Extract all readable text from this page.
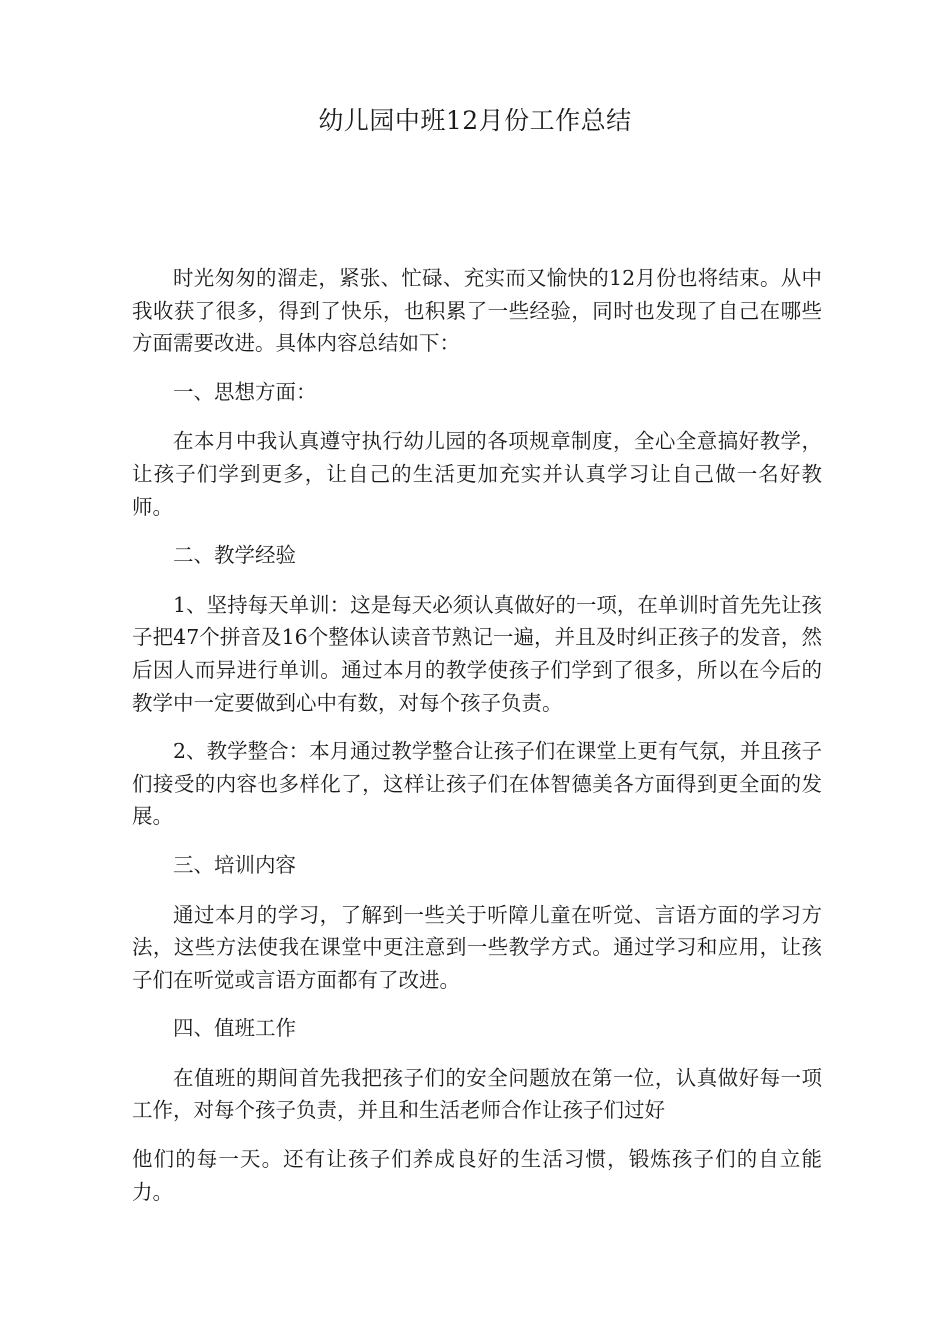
幼儿园中班12月份工作总结

时光匆匆的溜走，紧张、忙碌、充实而又愉快的12月份也将结束。从中我收获了很多，得到了快乐，也积累了一些经验，同时也发现了自己在哪些方面需要改进。具体内容总结如下：

一、思想方面：

在本月中我认真遵守执行幼儿园的各项规章制度，全心全意搞好教学，让孩子们学到更多，让自己的生活更加充实并认真学习让自己做一名好教师。

二、教学经验

1、坚持每天单训：这是每天必须认真做好的一项，在单训时首先先让孩子把47个拼音及16个整体认读音节熟记一遍，并且及时纠正孩子的发音，然后因人而异进行单训。通过本月的教学使孩子们学到了很多，所以在今后的教学中一定要做到心中有数，对每个孩子负责。

2、教学整合：本月通过教学整合让孩子们在课堂上更有气氛，并且孩子们接受的内容也多样化了，这样让孩子们在体智德美各方面得到更全面的发展。

三、培训内容

通过本月的学习，了解到一些关于听障儿童在听觉、言语方面的学习方法，这些方法使我在课堂中更注意到一些教学方式。通过学习和应用，让孩子们在听觉或言语方面都有了改进。

四、值班工作

在值班的期间首先我把孩子们的安全问题放在第一位，认真做好每一项工作，对每个孩子负责，并且和生活老师合作让孩子们过好

他们的每一天。还有让孩子们养成良好的生活习惯，锻炼孩子们的自立能力。
